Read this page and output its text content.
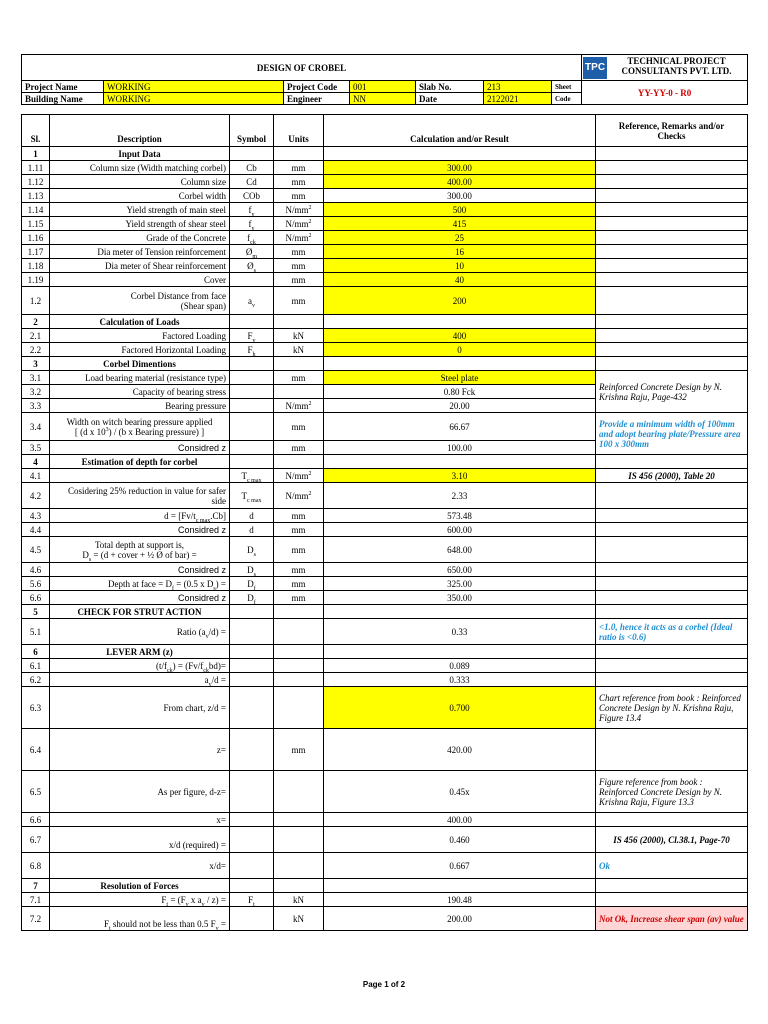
DESIGN OF CROBEL							TPC
TECHNICAL PROJECT
CONSULTANTS PVT. LTD.
Project Name	WORKING	Project Code	001	Slab No.	213	Sheet	YY-YY-0 - R0
Building Name	WORKING	Engineer	NN	Date	2122021	Code	
Sl.	Description	Symbol	Units	Calculation and/or Result	Reference, Remarks and/or
Checks
1	Input Data				
1.11	Column size (Width matching corbel)	Cb	mm	300.00	
1.12	Column size	Cd	mm	400.00	
1.13	Corbel width	COb	mm	300.00	
1.14	Yield strength of main steel	$f_y$	$N/mm^2$	500	
1.15	Yield strength of shear steel	$f_y$	$N/mm^2$	415	
1.16	Grade of the Concrete	$f_{ck}$	$N/mm^2$	25	
1.17	Dia meter of Tension reinforcement	$Ø_m$	mm	16	
1.18	Dia meter of Shear reinforcement	$Ø_s$	mm	10	
1.19	Cover		mm	40	
1.2	Corbel Distance from face
(Shear span)	$a_v$	mm	200	
2	Calculation of Loads				
2.1	Factored Loading	$F_v$	kN	400	
2.2	Factored Horizontal Loading	$F_h$	kN	0	
3	Corbel Dimentions				
3.1	Load bearing material (resistance type)		mm	Steel plate	Reinforced Concrete Design by N. Krishna Raju, Page-432
3.2	Capacity of bearing stress			0.80 Fck	
3.3	Bearing pressure		$N/mm^2$	20.00	
3.4	Width on witch bearing pressure applied
[ (d x $10^3) / (b$ x Bearing pressure) ]		mm	66.67	Provide a minimum width of 100mm and adopt bearing plate/Pressure area 100 x 300mm
3.5	Considred z		mm	100.00	
4	Estimation of depth for corbel				
4.1		$T_{c max}$	$N/mm^2$	3.10	IS 456 (2000), Table 20
4.2	Cosidering 25% reduction in value for safer side	$T_{c max}$	$N/mm^2$	2.33	
4.3	$d = [Fv/t_{c max}.Cb]$	d	mm	573.48	
4.4	Considred z	d	mm	600.00	
4.5	Total depth at support is,
$D_s = (d$ + cover + ½ Ø of bar) =	$D_s$	mm	648.00	
4.6	Considred z	$D_s$	mm	650.00	
5.6	Depth at face = $D_f = (0.5$ x $D_s$) =	$D_f$	mm	325.00	
6.6	Considred z	$D_f$	mm	350.00	
5	CHECK FOR STRUT ACTION				
5.1	Ratio $(a_v/d)$ =			0.33	<1.0, hence it acts as a corbel (Ideal ratio is <0.6)
6	LEVER ARM (z)				
6.1	$(t/f_{ck}) = (Fv/f_{ck}bd)=$			0.089	
6.2	$a_v/d$ =			0.333	
6.3	From chart, z/d =			0.700	Chart reference from book : Reinforced Concrete Design by N. Krishna Raju, Figure 13.4
6.4	z=		mm	420.00	
6.5	As per figure, d-z=			0.45x	Figure reference from book : Reinforced Concrete Design by N. Krishna Raju, Figure 13.3
6.6	x=			400.00	
6.7	x/d (required) =			0.460	IS 456 (2000), Cl.38.1, Page-70
6.8	x/d=			0.667	Ok
7	Resolution of Forces				
7.1	$F_t = (F_v$ x $a_v / z$) =	$F_t$	kN	190.48	
7.2	$F_t$ should not be less than 0.5 $F_v$ =		kN	200.00	Not Ok, Increase shear span (av) value
Page 1 of 2
